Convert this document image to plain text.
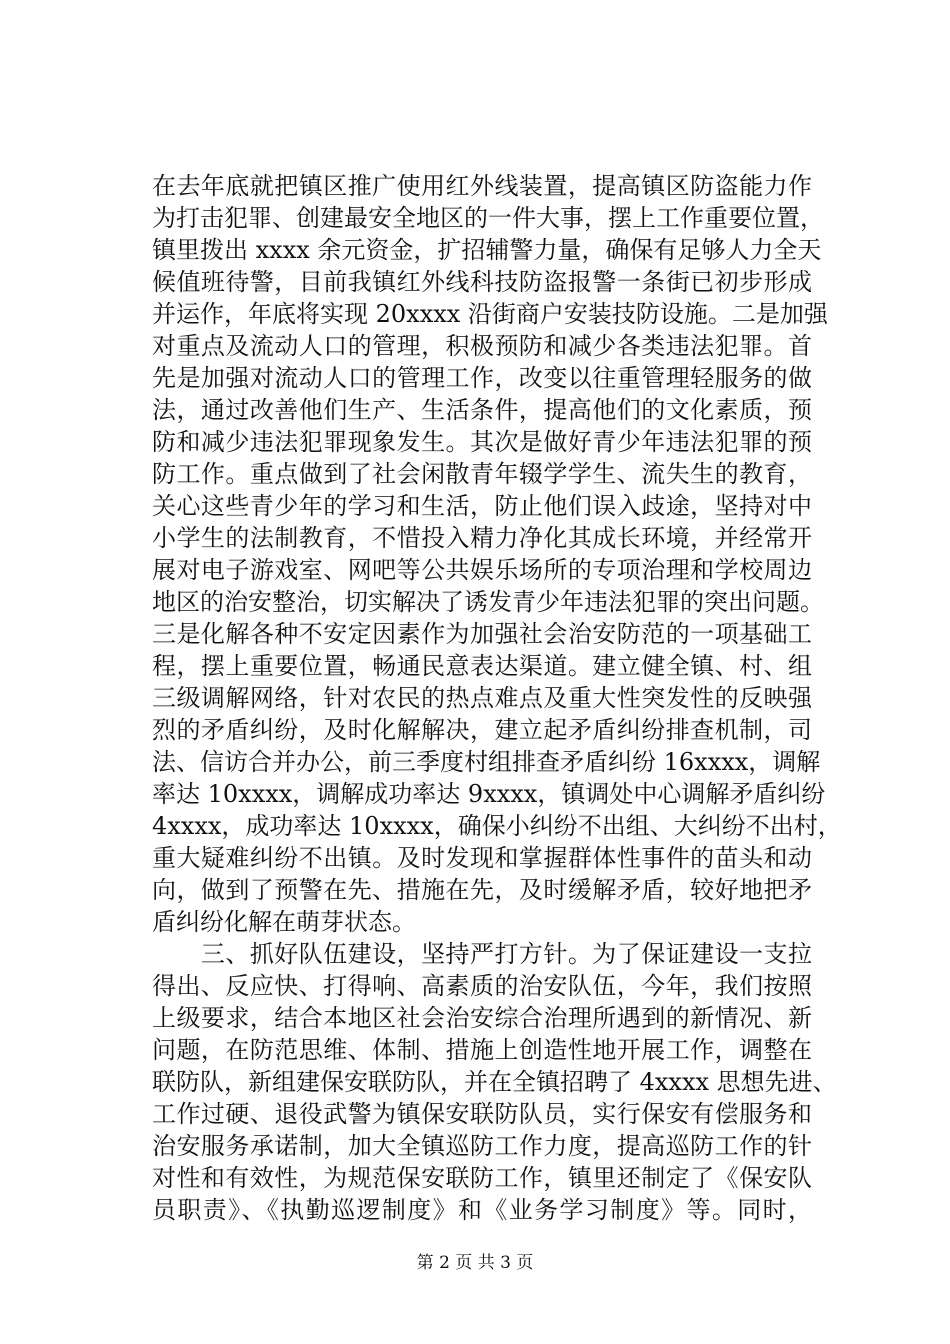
在去年底就把镇区推广使用红外线装置，提高镇区防盗能力作
为打击犯罪、创建最安全地区的一件大事，摆上工作重要位置，
镇里拨出 xxxx 余元资金，扩招辅警力量，确保有足够人力全天
候值班待警，目前我镇红外线科技防盗报警一条街已初步形成
并运作，年底将实现 20xxxx 沿街商户安装技防设施。二是加强
对重点及流动人口的管理，积极预防和减少各类违法犯罪。首
先是加强对流动人口的管理工作，改变以往重管理轻服务的做
法，通过改善他们生产、生活条件，提高他们的文化素质，预
防和减少违法犯罪现象发生。其次是做好青少年违法犯罪的预
防工作。重点做到了社会闲散青年辍学学生、流失生的教育，
关心这些青少年的学习和生活，防止他们误入歧途，坚持对中
小学生的法制教育，不惜投入精力净化其成长环境，并经常开
展对电子游戏室、网吧等公共娱乐场所的专项治理和学校周边
地区的治安整治，切实解决了诱发青少年违法犯罪的突出问题。
三是化解各种不安定因素作为加强社会治安防范的一项基础工
程，摆上重要位置，畅通民意表达渠道。建立健全镇、村、组
三级调解网络，针对农民的热点难点及重大性突发性的反映强
烈的矛盾纠纷，及时化解解决，建立起矛盾纠纷排查机制，司
法、信访合并办公，前三季度村组排查矛盾纠纷 16xxxx，调解
率达 10xxxx，调解成功率达 9xxxx，镇调处中心调解矛盾纠纷
4xxxx，成功率达 10xxxx，确保小纠纷不出组、大纠纷不出村，
重大疑难纠纷不出镇。及时发现和掌握群体性事件的苗头和动
向，做到了预警在先、措施在先，及时缓解矛盾，较好地把矛
盾纠纷化解在萌芽状态。
　　三、抓好队伍建设，坚持严打方针。为了保证建设一支拉
得出、反应快、打得响、高素质的治安队伍，今年，我们按照
上级要求，结合本地区社会治安综合治理所遇到的新情况、新
问题，在防范思维、体制、措施上创造性地开展工作，调整在
联防队，新组建保安联防队，并在全镇招聘了 4xxxx 思想先进、
工作过硬、退役武警为镇保安联防队员，实行保安有偿服务和
治安服务承诺制，加大全镇巡防工作力度，提高巡防工作的针
对性和有效性，为规范保安联防工作，镇里还制定了《保安队
员职责》、《执勤巡逻制度》和《业务学习制度》等。同时，
第 2 页 共 3 页
